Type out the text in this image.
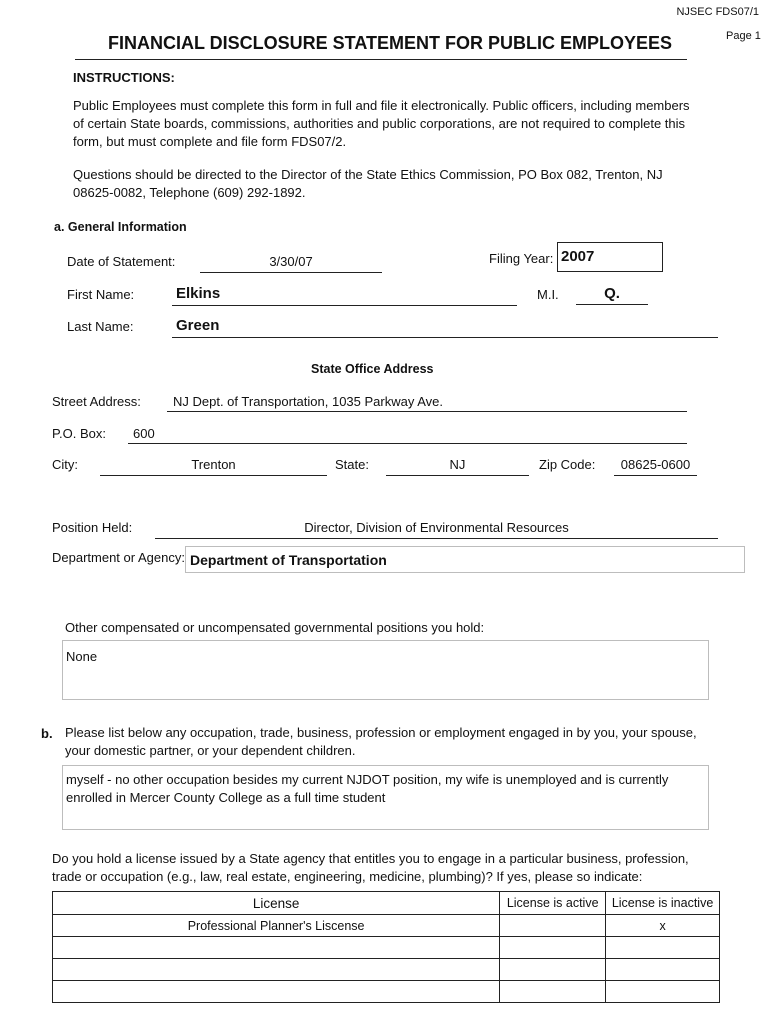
NJSEC FDS07/1
Page 1
FINANCIAL DISCLOSURE STATEMENT FOR PUBLIC EMPLOYEES
INSTRUCTIONS:
Public Employees must complete this form in full and file it electronically. Public officers, including members of certain State boards, commissions, authorities and public corporations, are not required to complete this form, but must complete and file form FDS07/2.
Questions should be directed to the Director of the State Ethics Commission, PO Box 082, Trenton, NJ 08625-0082, Telephone (609) 292-1892.
a. General Information
Date of Statement:	3/30/07	Filing Year: 2007
First Name:	Elkins	M.I.	Q.
Last Name:	Green
State Office Address
Street Address: NJ Dept. of Transportation, 1035 Parkway Ave.
P.O. Box: 600
City:	Trenton	State:	NJ	Zip Code:	08625-0600
Position Held:	Director, Division of Environmental Resources
Department or Agency: Department of Transportation
Other compensated or uncompensated governmental positions you hold:
None
b. Please list below any occupation, trade, business, profession or employment engaged in by you, your spouse, your domestic partner, or your dependent children.
myself - no other occupation besides my current NJDOT position, my wife is unemployed and is currently enrolled in Mercer County College as a full time student
Do you hold a license issued by a State agency that entitles you to engage in a particular business, profession, trade or occupation (e.g., law, real estate, engineering, medicine, plumbing)? If yes, please so indicate:
License	License is active	License is inactive
Professional Planner's Liscense		x
